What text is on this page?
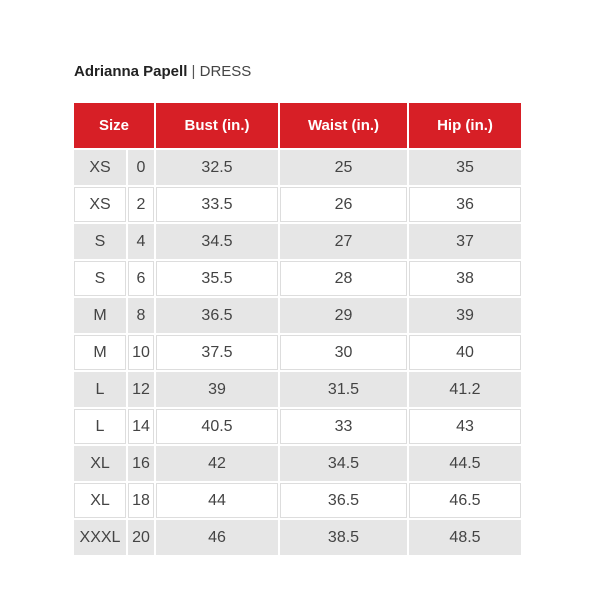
Adrianna Papell | DRESS
Size		Bust (in.)	Waist (in.)	Hip (in.)
XS	0	32.5	25	35
XS	2	33.5	26	36
S	4	34.5	27	37
S	6	35.5	28	38
M	8	36.5	29	39
M	10	37.5	30	40
L	12	39	31.5	41.2
L	14	40.5	33	43
XL	16	42	34.5	44.5
XL	18	44	36.5	46.5
XXXL	20	46	38.5	48.5
